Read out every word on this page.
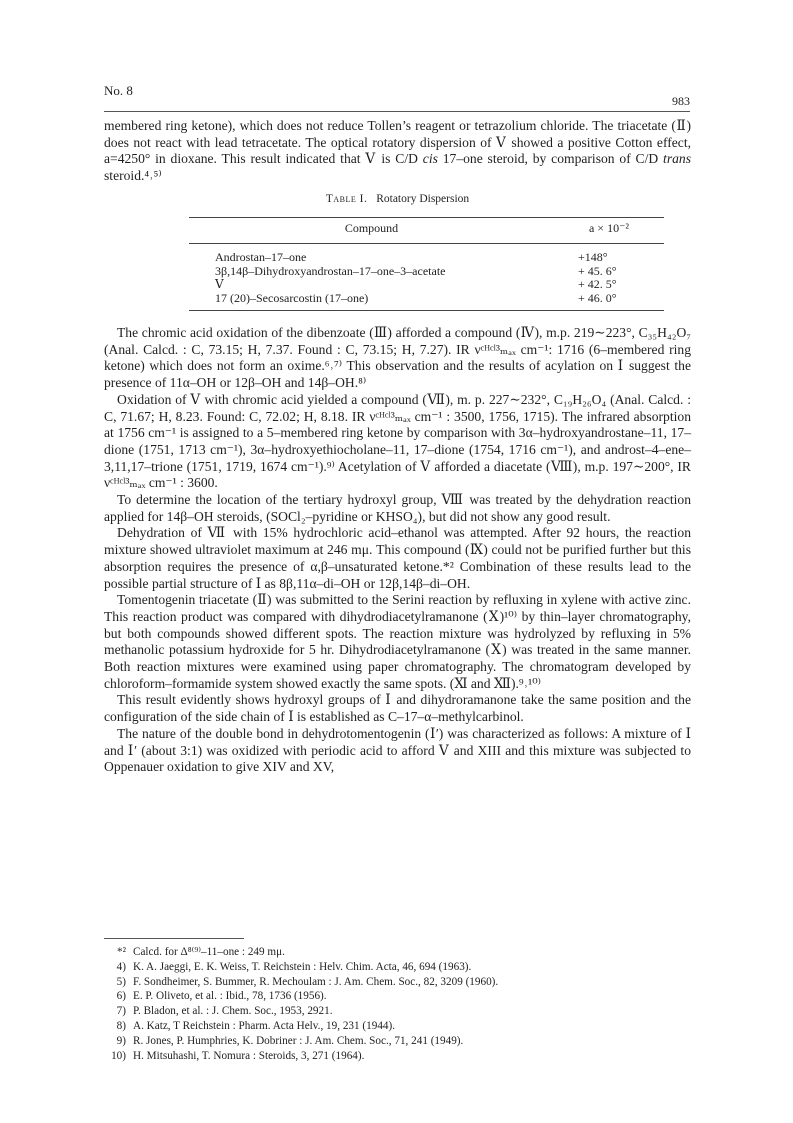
No. 8
983

membered ring ketone), which does not reduce Tollen’s reagent or tetrazolium chloride. The triacetate (Ⅱ) does not react with lead tetracetate. The optical rotatory dispersion of Ⅴ showed a positive Cotton effect, a=4250° in dioxane. This result indicated that Ⅴ is C/D cis 17–one steroid, by comparison of C/D trans steroid.⁴˒⁵⁾

Table I. Rotatory Dispersion
Compound	a × 10⁻²
Androstan–17–one	+148°
3β,14β–Dihydroxyandrostan–17–one–3–acetate	+ 45. 6°
Ⅴ	+ 42. 5°
17 (20)–Secosarcostin (17–one)	+ 46. 0°

The chromic acid oxidation of the dibenzoate (Ⅲ) afforded a compound (Ⅳ), m.p. 219∼223°, C₃₅H₄₂O₇ (Anal. Calcd. : C, 73.15; H, 7.37. Found : C, 73.15; H, 7.27). IR νᶜᴴᶜˡ³ₘₐₓ cm⁻¹: 1716 (6–membered ring ketone) which does not form an oxime.⁶˒⁷⁾ This observation and the results of acylation on Ⅰ suggest the presence of 11α–OH or 12β–OH and 14β–OH.⁸⁾

Oxidation of Ⅴ with chromic acid yielded a compound (Ⅶ), m. p. 227∼232°, C₁₉H₂₆O₄ (Anal. Calcd. : C, 71.67; H, 8.23. Found: C, 72.02; H, 8.18. IR νᶜᴴᶜˡ³ₘₐₓ cm⁻¹ : 3500, 1756, 1715). The infrared absorption at 1756 cm⁻¹ is assigned to a 5–membered ring ketone by comparison with 3α–hydroxyandrostane–11, 17–dione (1751, 1713 cm⁻¹), 3α–hydroxyethiocholane–11, 17–dione (1754, 1716 cm⁻¹), and androst–4–ene–3,11,17–trione (1751, 1719, 1674 cm⁻¹).⁹⁾ Acetylation of Ⅴ afforded a diacetate (Ⅷ), m.p. 197∼200°, IR νᶜᴴᶜˡ³ₘₐₓ cm⁻¹ : 3600.

To determine the location of the tertiary hydroxyl group, Ⅷ was treated by the dehydration reaction applied for 14β–OH steroids, (SOCl₂–pyridine or KHSO₄), but did not show any good result.

Dehydration of Ⅶ with 15% hydrochloric acid–ethanol was attempted. After 92 hours, the reaction mixture showed ultraviolet maximum at 246 mμ. This compound (Ⅸ) could not be purified further but this absorption requires the presence of α,β–unsaturated ketone.*² Combination of these results lead to the possible partial structure of Ⅰ as 8β,11α–di–OH or 12β,14β–di–OH.

Tomentogenin triacetate (Ⅱ) was submitted to the Serini reaction by refluxing in xylene with active zinc. This reaction product was compared with dihydrodiacetylramanone (Ⅹ)¹⁰⁾ by thin–layer chromatography, but both compounds showed different spots. The reaction mixture was hydrolyzed by refluxing in 5% methanolic potassium hydroxide for 5 hr. Dihydrodiacetylramanone (Ⅹ) was treated in the same manner. Both reaction mixtures were examined using paper chromatography. The chromatogram developed by chloroform–formamide system showed exactly the same spots. (Ⅺ and Ⅻ).⁹˒¹⁰⁾

This result evidently shows hydroxyl groups of Ⅰ and dihydroramanone take the same position and the configuration of the side chain of Ⅰ is established as C–17–α–methylcarbinol.

The nature of the double bond in dehydrotomentogenin (Ⅰ′) was characterized as follows: A mixture of Ⅰ and Ⅰ′ (about 3:1) was oxidized with periodic acid to afford Ⅴ and XIII and this mixture was subjected to Oppenauer oxidation to give XIV and XV,

*² Calcd. for Δ⁸⁽⁹⁾–11–one : 249 mμ.
4) K. A. Jaeggi, E. K. Weiss, T. Reichstein : Helv. Chim. Acta, 46, 694 (1963).
5) F. Sondheimer, S. Bummer, R. Mechoulam : J. Am. Chem. Soc., 82, 3209 (1960).
6) E. P. Oliveto, et al. : Ibid., 78, 1736 (1956).
7) P. Bladon, et al. : J. Chem. Soc., 1953, 2921.
8) A. Katz, T Reichstein : Pharm. Acta Helv., 19, 231 (1944).
9) R. Jones, P. Humphries, K. Dobriner : J. Am. Chem. Soc., 71, 241 (1949).
10) H. Mitsuhashi, T. Nomura : Steroids, 3, 271 (1964).
